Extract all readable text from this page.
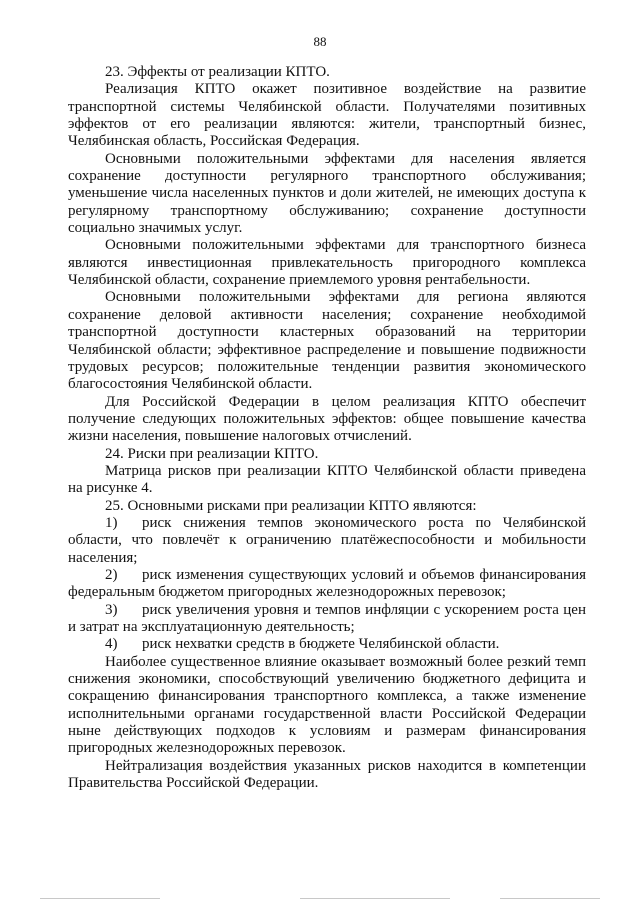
88

23. Эффекты от реализации КПТО.

Реализация КПТО окажет позитивное воздействие на развитие транспортной системы Челябинской области. Получателями позитивных эффектов от его реализации являются: жители, транспортный бизнес, Челябинская область, Российская Федерация.

Основными положительными эффектами для населения является сохранение доступности регулярного транспортного обслуживания; уменьшение числа населенных пунктов и доли жителей, не имеющих доступа к регулярному транспортному обслуживанию; сохранение доступности социально значимых услуг.

Основными положительными эффектами для транспортного бизнеса являются инвестиционная привлекательность пригородного комплекса Челябинской области, сохранение приемлемого уровня рентабельности.

Основными положительными эффектами для региона являются сохранение деловой активности населения; сохранение необходимой транспортной доступности кластерных образований на территории Челябинской области; эффективное распределение и повышение подвижности трудовых ресурсов; положительные тенденции развития экономического благосостояния Челябинской области.

Для Российской Федерации в целом реализация КПТО обеспечит получение следующих положительных эффектов: общее повышение качества жизни населения, повышение налоговых отчислений.

24. Риски при реализации КПТО.

Матрица рисков при реализации КПТО Челябинской области приведена на рисунке 4.

25. Основными рисками при реализации КПТО являются:

1) риск снижения темпов экономического роста по Челябинской области, что повлечёт к ограничению платёжеспособности и мобильности населения;

2) риск изменения существующих условий и объемов финансирования федеральным бюджетом пригородных железнодорожных перевозок;

3) риск увеличения уровня и темпов инфляции с ускорением роста цен и затрат на эксплуатационную деятельность;

4) риск нехватки средств в бюджете Челябинской области.

Наиболее существенное влияние оказывает возможный более резкий темп снижения экономики, способствующий увеличению бюджетного дефицита и сокращению финансирования транспортного комплекса, а также изменение исполнительными органами государственной власти Российской Федерации ныне действующих подходов к условиям и размерам финансирования пригородных железнодорожных перевозок.

Нейтрализация воздействия указанных рисков находится в компетенции Правительства Российской Федерации.
